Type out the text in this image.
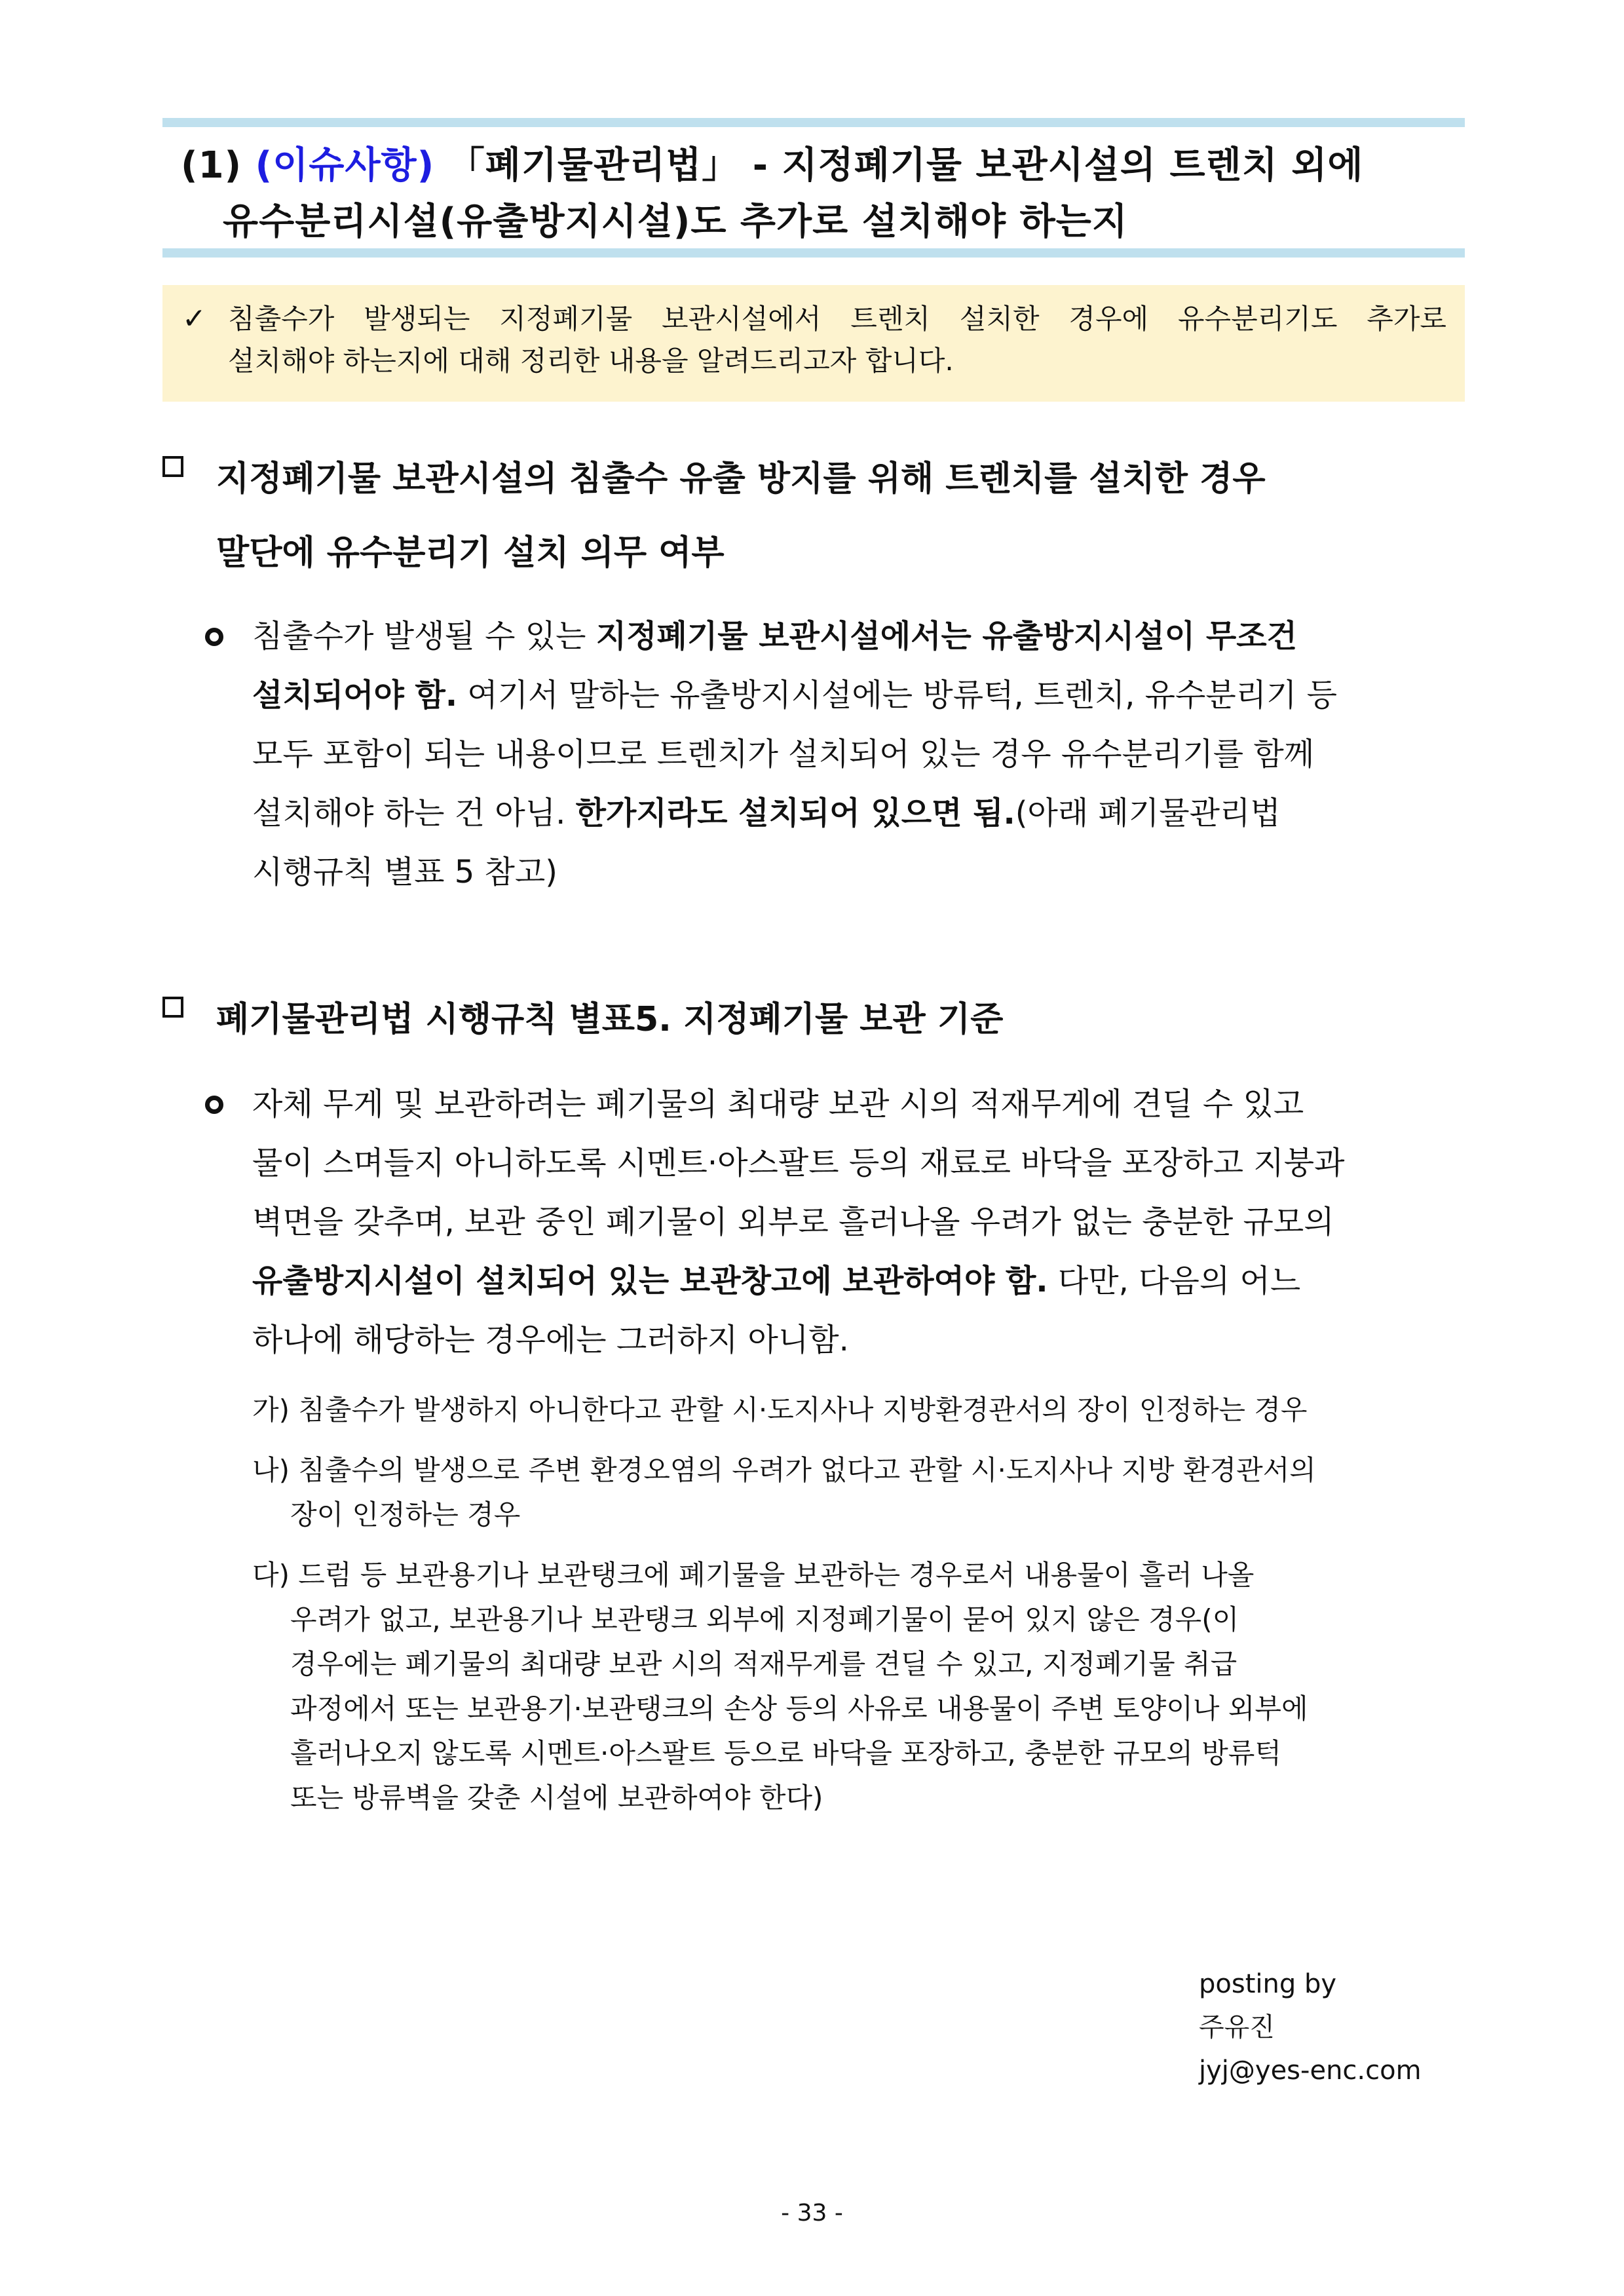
(1) (이슈사항) 「폐기물관리법」 - 지정폐기물 보관시설의 트렌치 외에
유수분리시설(유출방지시설)도 추가로 설치해야 하는지
✓ 침출수가 발생되는 지정폐기물 보관시설에서 트렌치 설치한 경우에 유수분리기도 추가로
설치해야 하는지에 대해 정리한 내용을 알려드리고자 합니다.
지정폐기물 보관시설의 침출수 유출 방지를 위해 트렌치를 설치한 경우
말단에 유수분리기 설치 의무 여부
침출수가 발생될 수 있는 지정폐기물 보관시설에서는 유출방지시설이 무조건
설치되어야 함. 여기서 말하는 유출방지시설에는 방류턱, 트렌치, 유수분리기 등
모두 포함이 되는 내용이므로 트렌치가 설치되어 있는 경우 유수분리기를 함께
설치해야 하는 건 아님. 한가지라도 설치되어 있으면 됨.(아래 폐기물관리법
시행규칙 별표 5 참고)
폐기물관리법 시행규칙 별표5. 지정폐기물 보관 기준
자체 무게 및 보관하려는 폐기물의 최대량 보관 시의 적재무게에 견딜 수 있고
물이 스며들지 아니하도록 시멘트·아스팔트 등의 재료로 바닥을 포장하고 지붕과
벽면을 갖추며, 보관 중인 폐기물이 외부로 흘러나올 우려가 없는 충분한 규모의
유출방지시설이 설치되어 있는 보관창고에 보관하여야 함. 다만, 다음의 어느
하나에 해당하는 경우에는 그러하지 아니함.
가) 침출수가 발생하지 아니한다고 관할 시·도지사나 지방환경관서의 장이 인정하는 경우
나) 침출수의 발생으로 주변 환경오염의 우려가 없다고 관할 시·도지사나 지방 환경관서의
장이 인정하는 경우
다) 드럼 등 보관용기나 보관탱크에 폐기물을 보관하는 경우로서 내용물이 흘러 나올
우려가 없고, 보관용기나 보관탱크 외부에 지정폐기물이 묻어 있지 않은 경우(이
경우에는 폐기물의 최대량 보관 시의 적재무게를 견딜 수 있고, 지정폐기물 취급
과정에서 또는 보관용기·보관탱크의 손상 등의 사유로 내용물이 주변 토양이나 외부에
흘러나오지 않도록 시멘트·아스팔트 등으로 바닥을 포장하고, 충분한 규모의 방류턱
또는 방류벽을 갖춘 시설에 보관하여야 한다)
posting by
주유진
jyj@yes-enc.com
- 33 -
